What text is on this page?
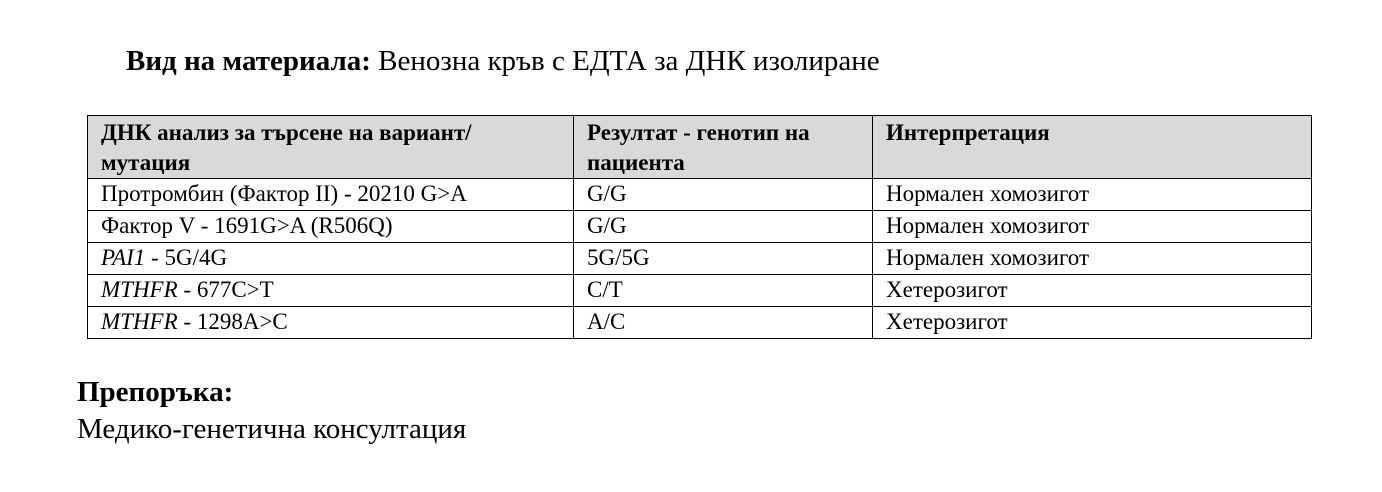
Вид на материала: Венозна кръв с ЕДТА за ДНК изолиране
ДНК анализ за търсене на вариант/мутация	Резултат - генотип на пациента	Интерпретация
Протромбин (Фактор II) - 20210 G>A	G/G	Нормален хомозигот
Фактор V - 1691G>A (R506Q)	G/G	Нормален хомозигот
PAI1 - 5G/4G	5G/5G	Нормален хомозигот
MTHFR - 677C>T	C/T	Хетерозигот
MTHFR - 1298A>C	A/C	Хетерозигот
Препоръка:
Медико-генетична консултация
